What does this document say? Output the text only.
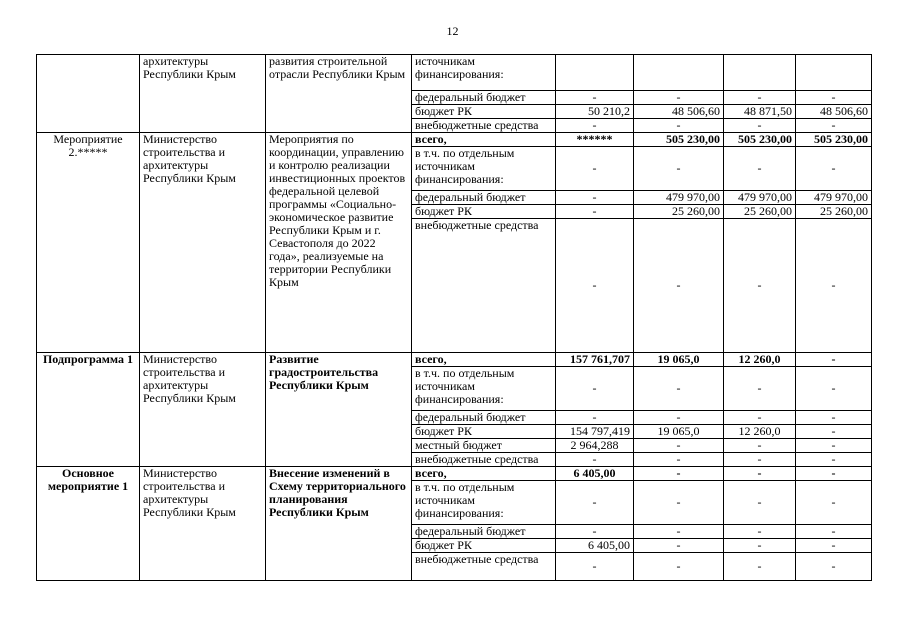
12
	архитектуры Республики Крым	развития строительной отрасли Республики Крым	источникам финансирования:				
			федеральный бюджет	-	-	-	-
			бюджет РК	50 210,2	48 506,60	48 871,50	48 506,60
			внебюджетные средства	-	-	-	-
Мероприятие 2.*****	Министерство строительства и архитектуры Республики Крым	Мероприятия по координации, управлению и контролю реализации инвестиционных проектов федеральной целевой программы «Социально-экономическое развитие Республики Крым и г. Севастополя до 2022 года», реализуемые на территории Республики Крым	всего,	******	505 230,00	505 230,00	505 230,00
			в т.ч. по отдельным источникам финансирования:	-	-	-	-
			федеральный бюджет	-	479 970,00	479 970,00	479 970,00
			бюджет РК	-	25 260,00	25 260,00	25 260,00
			внебюджетные средства	-	-	-	-
Подпрограмма 1	Министерство строительства и архитектуры Республики Крым	Развитие градостроительства Республики Крым	всего,	157 761,707	19 065,0	12 260,0	-
			в т.ч. по отдельным источникам финансирования:	-	-	-	-
			федеральный бюджет	-	-	-	-
			бюджет РК	154 797,419	19 065,0	12 260,0	-
			местный бюджет	2 964,288	-	-	-
			внебюджетные средства	-	-	-	-
Основное мероприятие 1	Министерство строительства и архитектуры Республики Крым	Внесение изменений в Схему территориального планирования Республики Крым	всего,	6 405,00	-	-	-
			в т.ч. по отдельным источникам финансирования:	-	-	-	-
			федеральный бюджет	-	-	-	-
			бюджет РК	6 405,00	-	-	-
			внебюджетные средства	-	-	-	-
